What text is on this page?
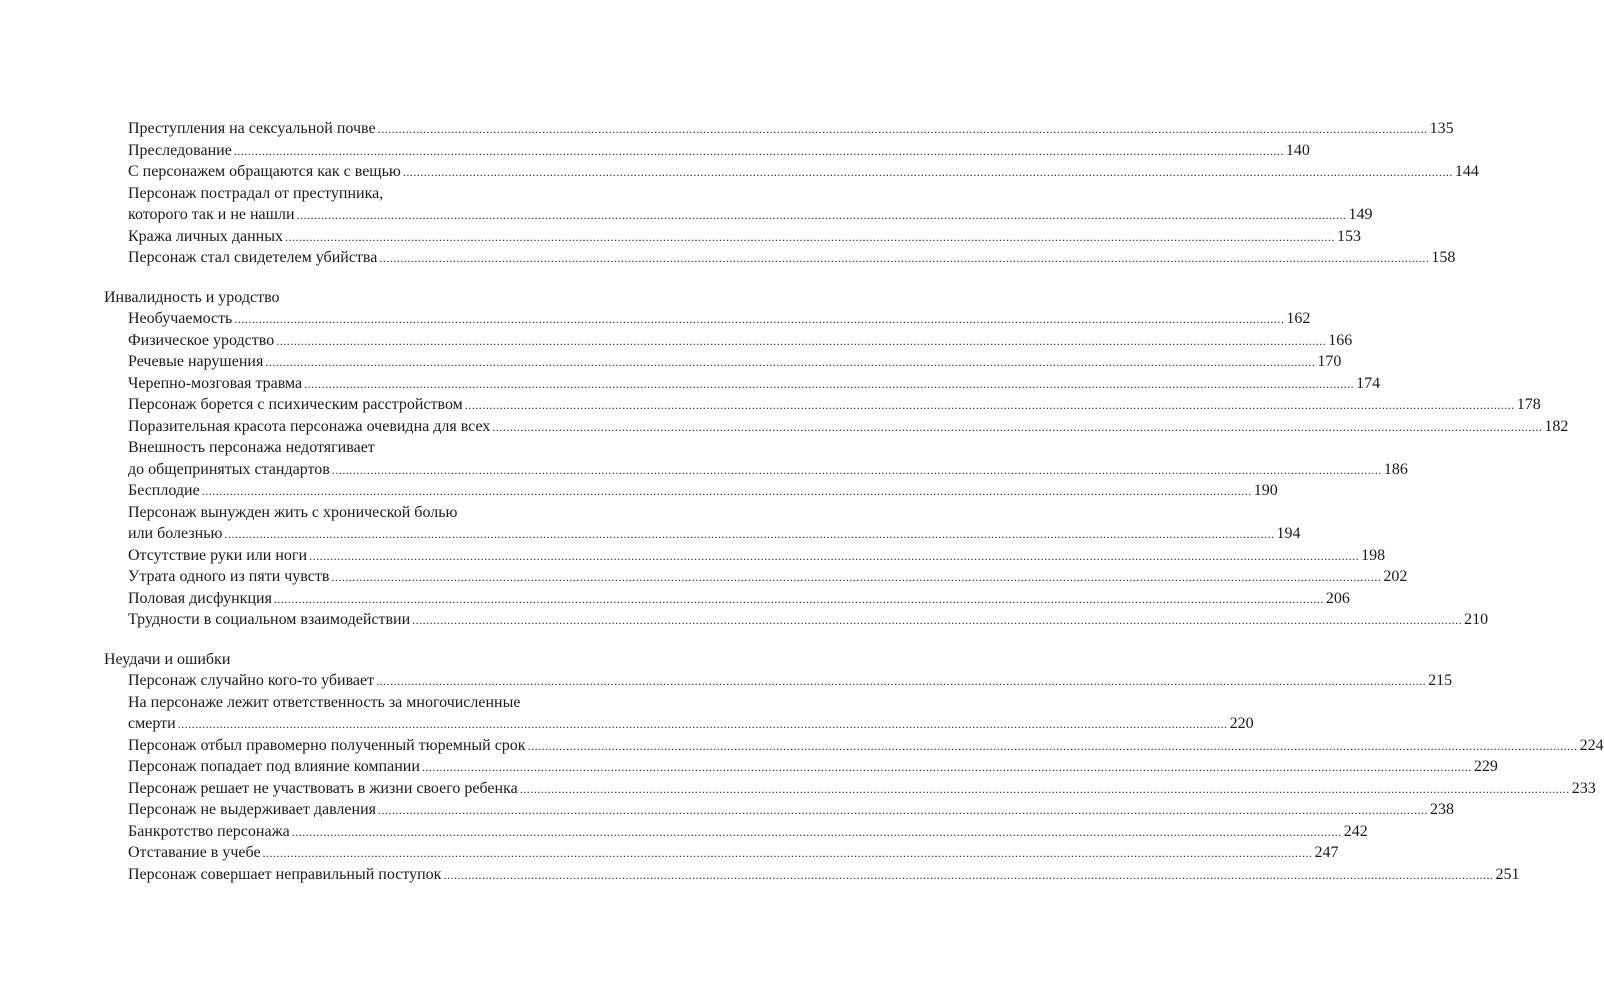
Преступления на сексуальной почве ............................................................................................................................................................................................................................................................................................................ 135
Преследование ............................................................................................................................................................................................................................................................................................................ 140
С персонажем обращаются как с вещью ............................................................................................................................................................................................................................................................................................................ 144
Персонаж пострадал от преступника,
которого так и не нашли ............................................................................................................................................................................................................................................................................................................ 149
Кража личных данных ............................................................................................................................................................................................................................................................................................................ 153
Персонаж стал свидетелем убийства ............................................................................................................................................................................................................................................................................................................ 158
Инвалидность и уродство
Необучаемость ............................................................................................................................................................................................................................................................................................................ 162
Физическое уродство ............................................................................................................................................................................................................................................................................................................ 166
Речевые нарушения ............................................................................................................................................................................................................................................................................................................ 170
Черепно-мозговая травма ............................................................................................................................................................................................................................................................................................................ 174
Персонаж борется с психическим расстройством ............................................................................................................................................................................................................................................................................................................ 178
Поразительная красота персонажа очевидна для всех ............................................................................................................................................................................................................................................................................................................ 182
Внешность персонажа недотягивает
до общепринятых стандартов ............................................................................................................................................................................................................................................................................................................ 186
Бесплодие ............................................................................................................................................................................................................................................................................................................ 190
Персонаж вынужден жить с хронической болью
или болезнью ............................................................................................................................................................................................................................................................................................................ 194
Отсутствие руки или ноги ............................................................................................................................................................................................................................................................................................................ 198
Утрата одного из пяти чувств ............................................................................................................................................................................................................................................................................................................ 202
Половая дисфункция ............................................................................................................................................................................................................................................................................................................ 206
Трудности в социальном взаимодействии ............................................................................................................................................................................................................................................................................................................ 210
Неудачи и ошибки
Персонаж случайно кого-то убивает ............................................................................................................................................................................................................................................................................................................ 215
На персонаже лежит ответственность за многочисленные
смерти ............................................................................................................................................................................................................................................................................................................ 220
Персонаж отбыл правомерно полученный тюремный срок ............................................................................................................................................................................................................................................................................................................ 224
Персонаж попадает под влияние компании ............................................................................................................................................................................................................................................................................................................ 229
Персонаж решает не участвовать в жизни своего ребенка ............................................................................................................................................................................................................................................................................................................ 233
Персонаж не выдерживает давления ............................................................................................................................................................................................................................................................................................................ 238
Банкротство персонажа ............................................................................................................................................................................................................................................................................................................ 242
Отставание в учебе ............................................................................................................................................................................................................................................................................................................ 247
Персонаж совершает неправильный поступок ............................................................................................................................................................................................................................................................................................................ 251
